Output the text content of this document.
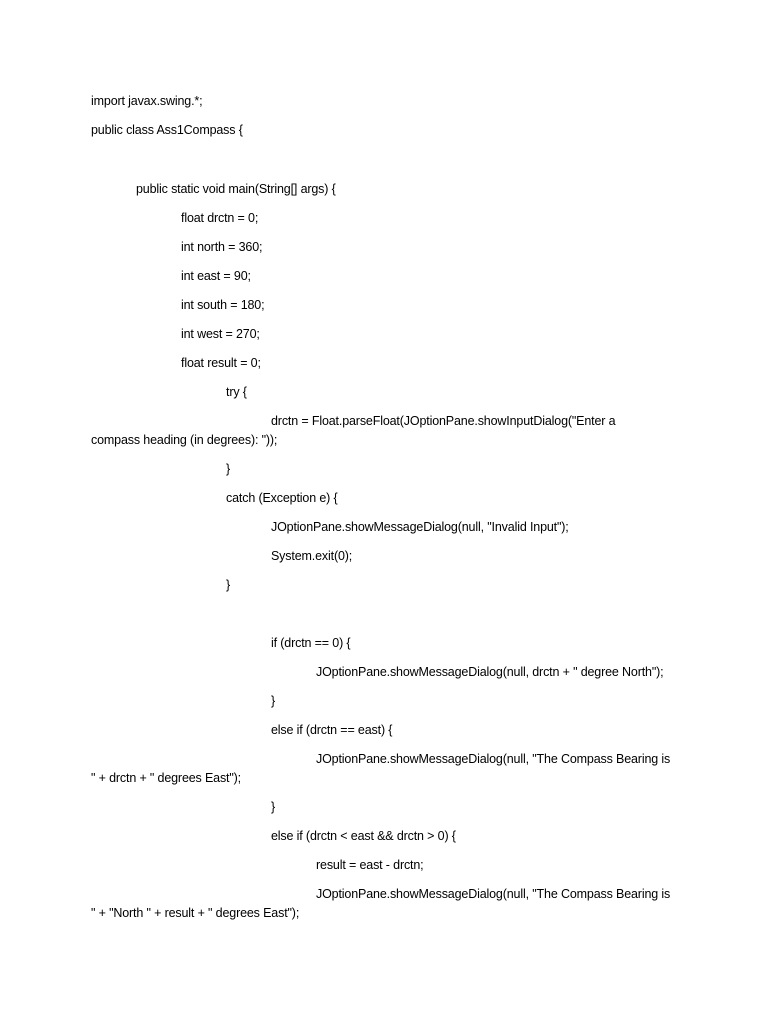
import javax.swing.*;
public class Ass1Compass {
public static void main(String[] args) {
float drctn = 0;
int north = 360;
int east = 90;
int south = 180;
int west = 270;
float result = 0;
try {
drctn = Float.parseFloat(JOptionPane.showInputDialog("Enter a
compass heading (in degrees): "));
}
catch (Exception e) {
JOptionPane.showMessageDialog(null, "Invalid Input");
System.exit(0);
}
if (drctn == 0) {
JOptionPane.showMessageDialog(null, drctn + " degree North");
}
else if (drctn == east) {
JOptionPane.showMessageDialog(null, "The Compass Bearing is
" + drctn + " degrees East");
}
else if (drctn < east && drctn > 0) {
result = east - drctn;
JOptionPane.showMessageDialog(null, "The Compass Bearing is
" + "North " + result + " degrees East");
